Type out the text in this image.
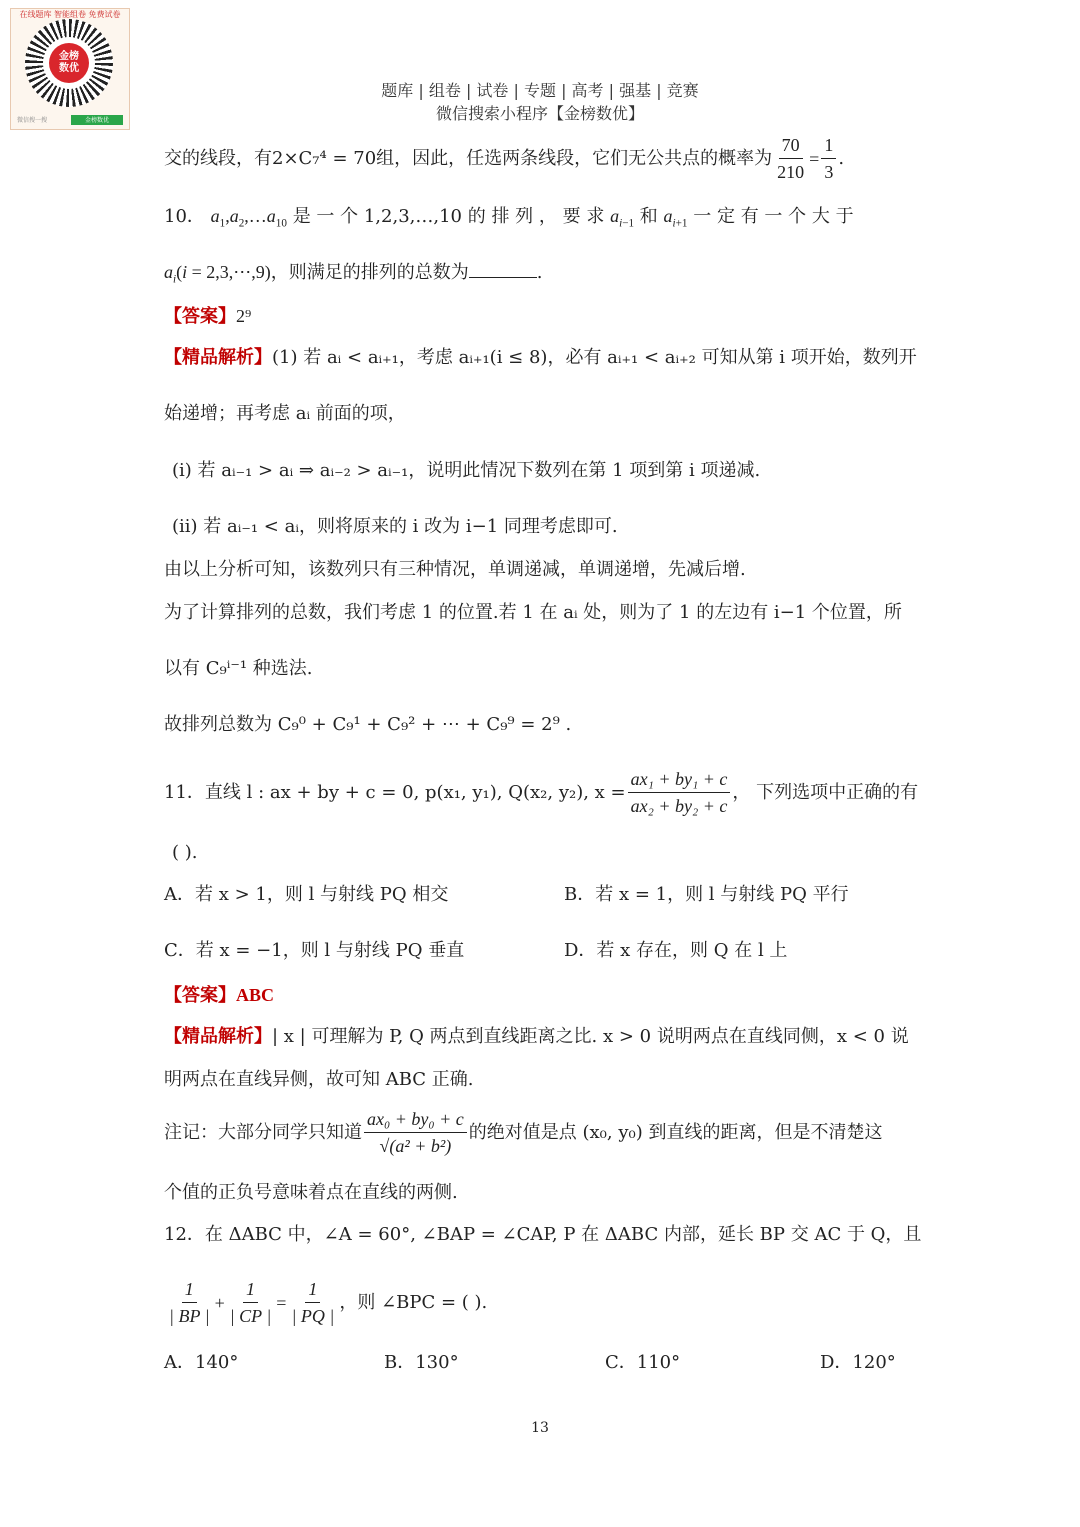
在线题库 智能组卷 免费试卷
金榜
数优
微信搜一搜	金榜数优
题库 | 组卷 | 试卷 | 专题 | 高考 | 强基 | 竞赛
微信搜索小程序【金榜数优】
交的线段，有2×C₇⁴ = 70组，因此，任选两条线段，它们无公共点的概率为 $\frac{70}{210} = \frac{1}{3}$ .
10． $a_1,a_2,\dots a_{10}$ 是 一 个 1,2,3,…,10 的 排 列 ， 要 求 $a_{i-1}$ 和 $a_{i+1}$ 一 定 有 一 个 大 于
$a_i(i$ = 2,3,⋯,9)，则满足的排列的总数为	.
【答案】2⁹
【精品解析】(1) 若 aᵢ < aᵢ₊₁，考虑 aᵢ₊₁(i ≤ 8)，必有 aᵢ₊₁ < aᵢ₊₂ 可知从第 i 项开始，数列开
始递增；再考虑 aᵢ 前面的项，
(i) 若 aᵢ₋₁ > aᵢ ⇒ aᵢ₋₂ > aᵢ₋₁，说明此情况下数列在第 1 项到第 i 项递减.
(ii) 若 aᵢ₋₁ < aᵢ，则将原来的 i 改为 i−1 同理考虑即可.
由以上分析可知，该数列只有三种情况，单调递减，单调递增，先减后增.
为了计算排列的总数，我们考虑 1 的位置.若 1 在 aᵢ 处，则为了 1 的左边有 i−1 个位置，所
以有 C₉ⁱ⁻¹ 种选法.
故排列总数为 C₉⁰ + C₉¹ + C₉² + ⋯ + C₉⁹ = 2⁹ .
11． 直线 l : ax + by + c = 0, p(x₁, y₁), Q(x₂, y₂), $x = \frac{\text{ax₁ + by₁ + c}}{\text{ax₂ + by₂ + c}}$ ， 下列选项中正确的有
( ).
A．若 x > 1，则 l 与射线 PQ 相交	B．若 x = 1，则 l 与射线 PQ 平行
C．若 x = −1，则 l 与射线 PQ 垂直	D．若 x 存在，则 Q 在 l 上
【答案】ABC
【精品解析】| x | 可理解为 P, Q 两点到直线距离之比. x > 0 说明两点在直线同侧，x < 0 说
明两点在直线异侧，故可知 ABC 正确.
注记：大部分同学只知道 $\frac{\text{ax₀ + by₀ + c}}{\text{√(a² + b²)}}$ 的绝对值是点 (x₀, y₀) 到直线的距离，但是不清楚这
个值的正负号意味着点在直线的两侧.
12．在 ΔABC 中，∠A = 60°, ∠BAP = ∠CAP, P 在 ΔABC 内部，延长 BP 交 AC 于 Q，且
$\frac{1}{| BP |} + \frac{1}{| CP |} = \frac{1}{| PQ |}$ ，则 ∠BPC = ( ).
A．140°	B．130°	C．110°	D．120°
13
